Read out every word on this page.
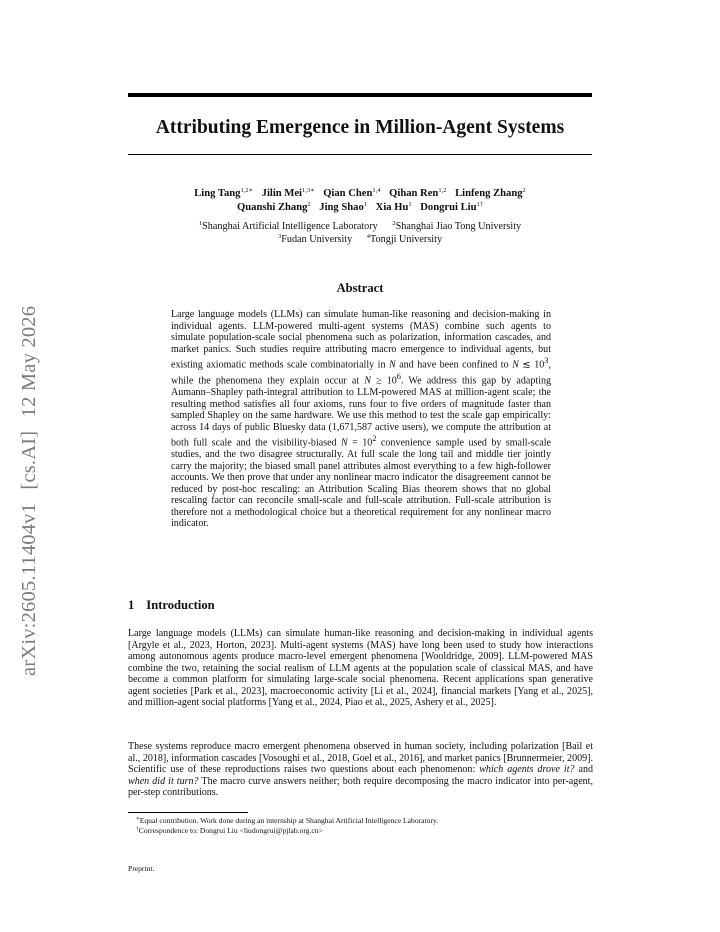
arXiv:2605.11404v1 [cs.AI] 12 May 2026
Attributing Emergence in Million-Agent Systems
Ling Tang$^{1,2∗}$ Jilin Mei$^{1,3∗}$ Qian Chen$^{1,4}$ Qihan Ren$^{1,2}$ Linfeng Zhang$^2$
Quanshi Zhang$^2$ Jing Shao$^1$ Xia Hu$^1$ Dongrui Liu$^{1\dagger}$
$^1$Shanghai Artificial Intelligence Laboratory $^2$Shanghai Jiao Tong University
$^3$Fudan University $^4$Tongji University
Abstract

Large language models (LLMs) can simulate human-like reasoning and decision-making in individual agents. LLM-powered multi-agent systems (MAS) combine such agents to simulate population-scale social phenomena such as polarization, information cascades, and market panics. Such studies require attributing macro emergence to individual agents, but existing axiomatic methods scale combinatorially in N and have been confined to N ≲ $10^3$, while the phenomena they explain occur at $N \ge 10^6$. We address this gap by adapting Aumann–Shapley path-integral attribution to LLM-powered MAS at million-agent scale; the resulting method satisfies all four axioms, runs four to five orders of magnitude faster than sampled Shapley on the same hardware. We use this method to test the scale gap empirically: across 14 days of public Bluesky data (1,671,587 active users), we compute the attribution at both full scale and the visibility-biased $N = 10^2$ convenience sample used by small-scale studies, and the two disagree structurally. At full scale the long tail and middle tier jointly carry the majority; the biased small panel attributes almost everything to a few high-follower accounts. We then prove that under any nonlinear macro indicator the disagreement cannot be reduced by post-hoc rescaling: an Attribution Scaling Bias theorem shows that no global rescaling factor can reconcile small-scale and full-scale attribution. Full-scale attribution is therefore not a methodological choice but a theoretical requirement for any nonlinear macro indicator.

1 Introduction

Large language models (LLMs) can simulate human-like reasoning and decision-making in individual agents [Argyle et al., 2023, Horton, 2023]. Multi-agent systems (MAS) have long been used to study how interactions among autonomous agents produce macro-level emergent phenomena [Wooldridge, 2009]. LLM-powered MAS combine the two, retaining the social realism of LLM agents at the population scale of classical MAS, and have become a common platform for simulating large-scale social phenomena. Recent applications span generative agent societies [Park et al., 2023], macroeconomic activity [Li et al., 2024], financial markets [Yang et al., 2025], and million-agent social platforms [Yang et al., 2024, Piao et al., 2025, Ashery et al., 2025].

These systems reproduce macro emergent phenomena observed in human society, including polarization [Bail et al., 2018], information cascades [Vosoughi et al., 2018, Goel et al., 2016], and market panics [Brunnermeier, 2009]. Scientific use of these reproductions raises two questions about each phenomenon: which agents drove it? and when did it turn? The macro curve answers neither; both require decomposing the macro indicator into per-agent, per-step contributions.

∗Equal contribution. Work done during an internship at Shanghai Artificial Intelligence Laboratory.
†Correspondence to: Dongrui Liu <liudongrui@pjlab.org.cn>
Preprint.
